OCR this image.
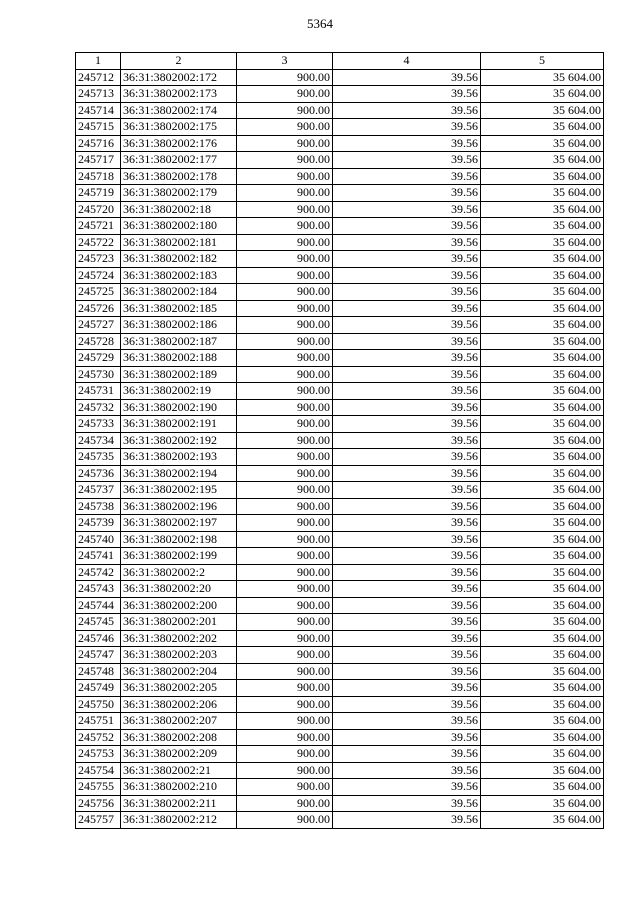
5364
1	2	3	4	5
245712	36:31:3802002:172	900.00	39.56	35 604.00
245713	36:31:3802002:173	900.00	39.56	35 604.00
245714	36:31:3802002:174	900.00	39.56	35 604.00
245715	36:31:3802002:175	900.00	39.56	35 604.00
245716	36:31:3802002:176	900.00	39.56	35 604.00
245717	36:31:3802002:177	900.00	39.56	35 604.00
245718	36:31:3802002:178	900.00	39.56	35 604.00
245719	36:31:3802002:179	900.00	39.56	35 604.00
245720	36:31:3802002:18	900.00	39.56	35 604.00
245721	36:31:3802002:180	900.00	39.56	35 604.00
245722	36:31:3802002:181	900.00	39.56	35 604.00
245723	36:31:3802002:182	900.00	39.56	35 604.00
245724	36:31:3802002:183	900.00	39.56	35 604.00
245725	36:31:3802002:184	900.00	39.56	35 604.00
245726	36:31:3802002:185	900.00	39.56	35 604.00
245727	36:31:3802002:186	900.00	39.56	35 604.00
245728	36:31:3802002:187	900.00	39.56	35 604.00
245729	36:31:3802002:188	900.00	39.56	35 604.00
245730	36:31:3802002:189	900.00	39.56	35 604.00
245731	36:31:3802002:19	900.00	39.56	35 604.00
245732	36:31:3802002:190	900.00	39.56	35 604.00
245733	36:31:3802002:191	900.00	39.56	35 604.00
245734	36:31:3802002:192	900.00	39.56	35 604.00
245735	36:31:3802002:193	900.00	39.56	35 604.00
245736	36:31:3802002:194	900.00	39.56	35 604.00
245737	36:31:3802002:195	900.00	39.56	35 604.00
245738	36:31:3802002:196	900.00	39.56	35 604.00
245739	36:31:3802002:197	900.00	39.56	35 604.00
245740	36:31:3802002:198	900.00	39.56	35 604.00
245741	36:31:3802002:199	900.00	39.56	35 604.00
245742	36:31:3802002:2	900.00	39.56	35 604.00
245743	36:31:3802002:20	900.00	39.56	35 604.00
245744	36:31:3802002:200	900.00	39.56	35 604.00
245745	36:31:3802002:201	900.00	39.56	35 604.00
245746	36:31:3802002:202	900.00	39.56	35 604.00
245747	36:31:3802002:203	900.00	39.56	35 604.00
245748	36:31:3802002:204	900.00	39.56	35 604.00
245749	36:31:3802002:205	900.00	39.56	35 604.00
245750	36:31:3802002:206	900.00	39.56	35 604.00
245751	36:31:3802002:207	900.00	39.56	35 604.00
245752	36:31:3802002:208	900.00	39.56	35 604.00
245753	36:31:3802002:209	900.00	39.56	35 604.00
245754	36:31:3802002:21	900.00	39.56	35 604.00
245755	36:31:3802002:210	900.00	39.56	35 604.00
245756	36:31:3802002:211	900.00	39.56	35 604.00
245757	36:31:3802002:212	900.00	39.56	35 604.00
